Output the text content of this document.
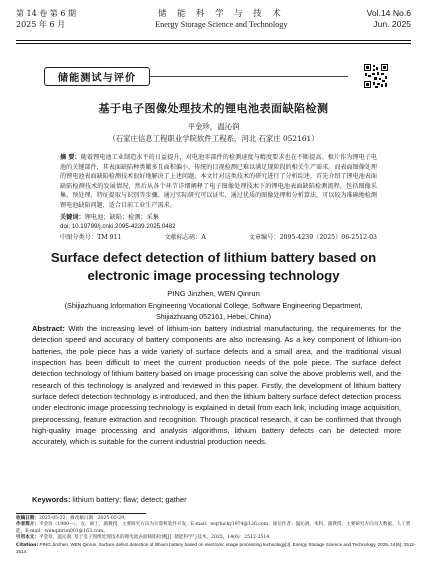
第 14 卷 第 6 期
2025 年 6 月
储 能 科 学 与 技 术
Energy Storage Science and Technology
Vol.14 No.6
Jun. 2025
储能测试与评价
基于电子图像处理技术的锂电池表面缺陷检测
平金珍，温沁润
（石家庄信息工程职业学院软件工程系，河北 石家庄 052161）
摘 要：随着锂电池工业制造水平的日益提升，对电池零部件的检测速度与精度要求也在不断提高。极片作为锂电子电池的关键部件，其表面缺陷种类繁多且面积偏小，传统的目视检测已难以满足现阶段的相关生产需求。而表面图像处理的锂电池表面缺陷检测技术很好地解决了上述问题。本文针对这类技术的研究进行了分析综述，首先介绍了锂电池表面缺陷检测技术的发展情况，然后从各个环节详细阐释了电子图像处理技术下的锂电池表面缺陷检测流程，包括图像采集、预处理、特征提取与识别等步骤。通过实际研究可以证实，通过优质的图像处理和分析算法，可以较为准确地检测锂电池缺陷问题，适合目前工业生产需求。
关键词：锂电池；缺陷；检测；采集
doi: 10.19799/j.cnki.2095-4239.2025.0482
中图分类号：TM 911	文献标志码：A	文章编号：2095-4239（2025）06-2512-03
Surface defect detection of lithium battery based on electronic image processing technology
PING Jinzhen, WEN Qinrun
(Shijiazhuang Information Engineering Vocational College, Software Engineering Department, Shijiazhuang 052161, Hebei, China)
Abstract: With the increasing level of lithium-ion battery industrial manufacturing, the requirements for the detection speed and accuracy of battery components are also increasing. As a key component of lithium-ion batteries, the pole piece has a wide variety of surface defects and a small area, and the traditional visual inspection has been difficult to meet the current production needs of the pole piece. The surface defect detection technology of lithium battery based on image processing can solve the above problems well, and the research of this technology is analyzed and reviewed in this paper. Firstly, the development of lithium battery surface defect detection technology is introduced, and then the lithium battery surface defect detection process under electronic image processing technology is explained in detail from each link, including image acquisition, preprocessing, feature extraction and recognition. Through practical research, it can be confirmed that through high-quality image processing and analysis algorithms, lithium battery defects can be detected more accurately, which is suitable for the current industrial production needs.
Keywords: lithium battery; flaw; detect; gather
收稿日期：2025-05-22；修改稿日期：2025-05-29。
作者简介：平金珍（1980—），女，硕士，副教授，主要研究方向为计算机软件开发，E-mail：wqrlucky1974@126.com；通信作者：温沁润，本科，副教授，主要研究方向为大数据、人工智能，E-mail：wenqinrun001@163.com。
引用本文：平金珍，温沁润. 基于电子图像处理技术的锂电池表面缺陷检测[J]. 储能科学与技术，2025，14(6)：2512-2514.
Citation: PING Jinzhen, WEN Qinrun. Surface defect detection of lithium battery based on electronic image processing technology[J]. Energy Storage Science and Technology, 2025, 14(6): 2512-2514.
